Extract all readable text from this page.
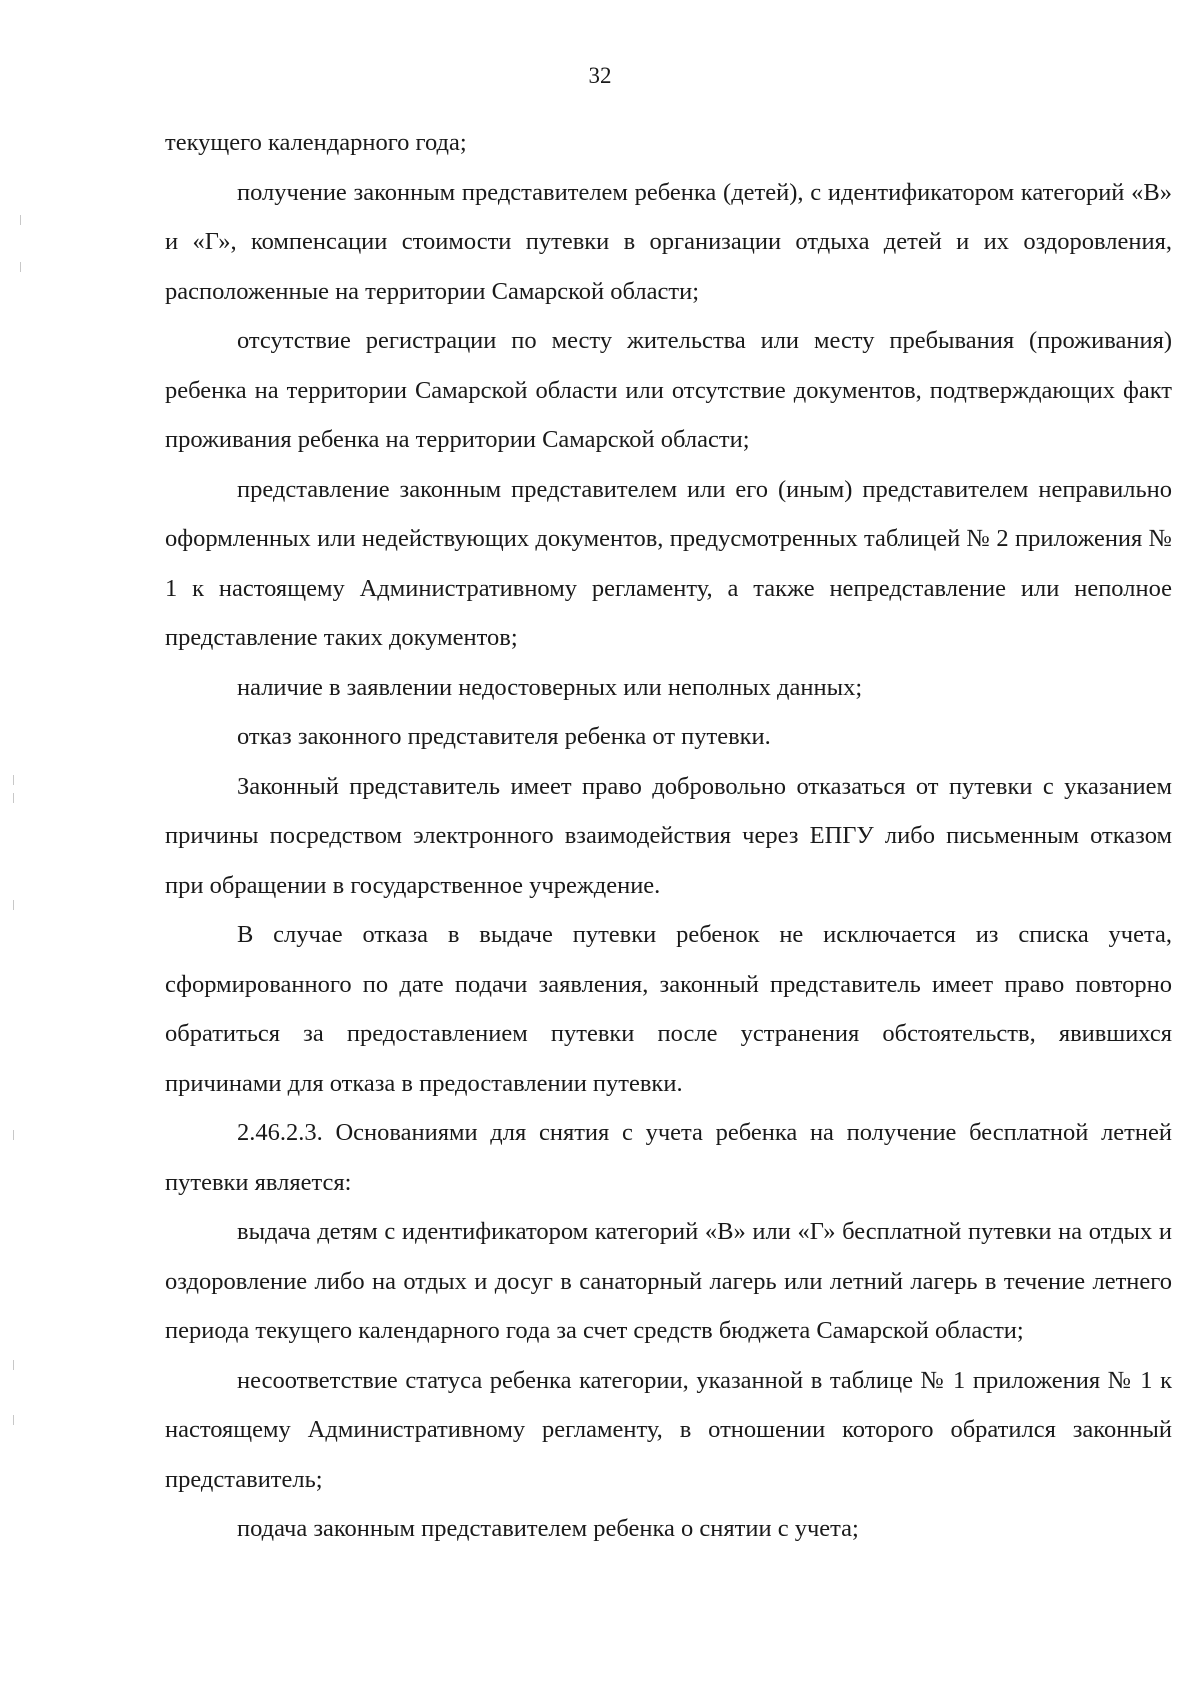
32

текущего календарного года;

получение законным представителем ребенка (детей), с идентификатором категорий «В» и «Г», компенсации стоимости путевки в организации отдыха детей и их оздоровления, расположенные на территории Самарской области;

отсутствие регистрации по месту жительства или месту пребывания (проживания) ребенка на территории Самарской области или отсутствие документов, подтверждающих факт проживания ребенка на территории Самарской области;

представление законным представителем или его (иным) представителем неправильно оформленных или недействующих документов, предусмотренных таблицей № 2 приложения № 1 к настоящему Административному регламенту, а также непредставление или неполное представление таких документов;

наличие в заявлении недостоверных или неполных данных;

отказ законного представителя ребенка от путевки.

Законный представитель имеет право добровольно отказаться от путевки с указанием причины посредством электронного взаимодействия через ЕПГУ либо письменным отказом при обращении в государственное учреждение.

В случае отказа в выдаче путевки ребенок не исключается из списка учета, сформированного по дате подачи заявления, законный представитель имеет право повторно обратиться за предоставлением путевки после устранения обстоятельств, явившихся причинами для отказа в предоставлении путевки.

2.46.2.3. Основаниями для снятия с учета ребенка на получение бесплатной летней путевки является:

выдача детям с идентификатором категорий «В» или «Г» бесплатной путевки на отдых и оздоровление либо на отдых и досуг в санаторный лагерь или летний лагерь в течение летнего периода текущего календарного года за счет средств бюджета Самарской области;

несоответствие статуса ребенка категории, указанной в таблице № 1 приложения № 1 к настоящему Административному регламенту, в отношении которого обратился законный представитель;

подача законным представителем ребенка о снятии с учета;
